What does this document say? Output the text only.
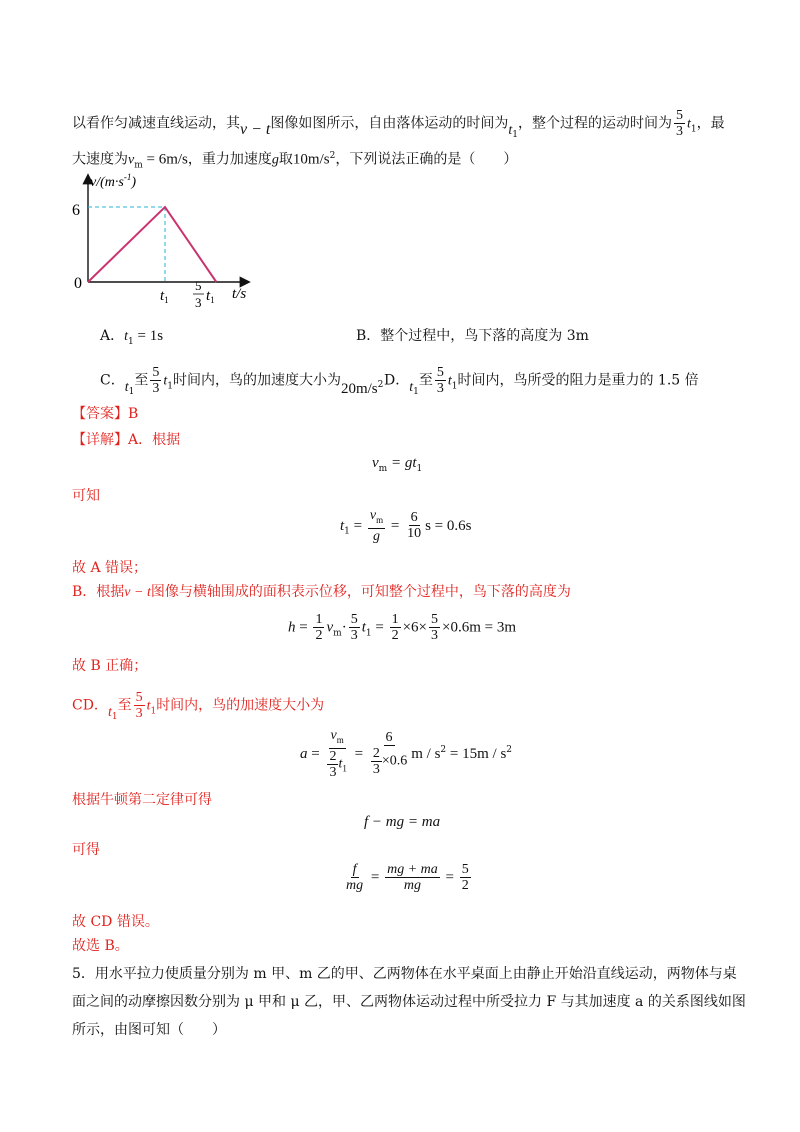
以看作匀减速直线运动，其v − t图像如图所示，自由落体运动的时间为$t_1$，整个过程的运动时间为 $\frac{5}{3} t_1$，最
大速度为$v_m = 6m/s$，重力加速度g取$10m/s^2$，下列说法正确的是（　　）
$v/(m\cdot s^{-1})$
6
0
$t_1$
5
3 $t_1$ t/s
A．$t_1 = 1s$	B．整个过程中，鸟下落的高度为 3m
C．$t_1$至 $\frac{5}{3} t_1$时间内，鸟的加速度大小为$20m/s^2$ D．$t_1$至 $\frac{5}{3} t_1$时间内，鸟所受的阻力是重力的 1.5 倍
【答案】B
【详解】A．根据
$v_m = gt_1$
可知
$t_1 = \frac{v_m}{g} = \frac{6}{10}$ s = 0.6s
故 A 错误；
B．根据v − t图像与横轴围成的面积表示位移，可知整个过程中，鸟下落的高度为
$h = \frac{1}{2} v_m\cdot \frac{5}{3} t_1 = \frac{1}{2} \times 6\times \frac{5}{3} \times 0.6m = 3m$
故 B 正确；
CD．$t_1$至 $\frac{5}{3} t_1$时间内，鸟的加速度大小为
$a = \frac{v_m}{\frac{2}{3} t_1} = \frac{6}{\frac{2}{3} \times 0.6}$ $m / s^2 = 15m / s^2$
根据牛顿第二定律可得
f − mg = ma
可得
$\frac{f}{mg} = \frac{mg + ma}{mg} = \frac{5}{2}$
故 CD 错误。
故选 B。
5．用水平拉力使质量分别为 m 甲、m 乙的甲、乙两物体在水平桌面上由静止开始沿直线运动，两物体与桌
面之间的动摩擦因数分别为 μ 甲和 μ 乙，甲、乙两物体运动过程中所受拉力 F 与其加速度 a 的关系图线如图
所示，由图可知（　　）
